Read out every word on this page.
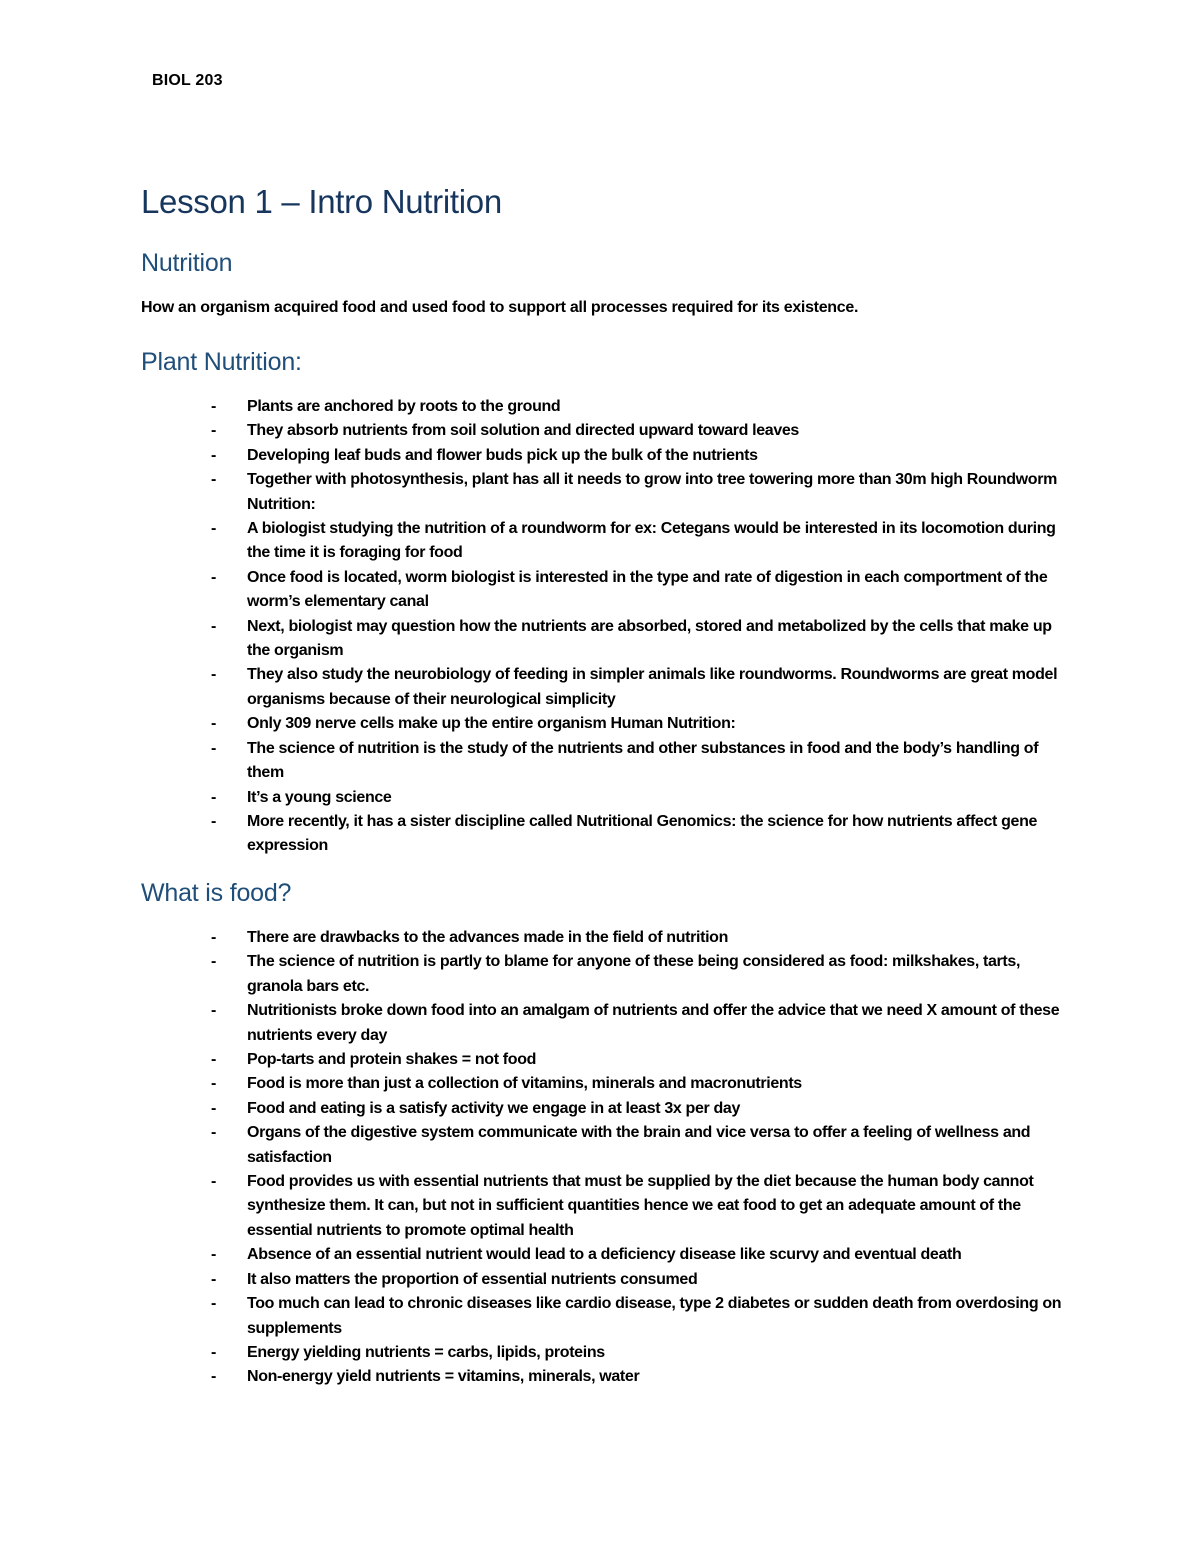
BIOL 203
Lesson 1 – Intro Nutrition
Nutrition
How an organism acquired food and used food to support all processes required for its existence.
Plant Nutrition:
- Plants are anchored by roots to the ground
- They absorb nutrients from soil solution and directed upward toward leaves
- Developing leaf buds and flower buds pick up the bulk of the nutrients
- Together with photosynthesis, plant has all it needs to grow into tree towering more than 30m high Roundworm Nutrition:
- A biologist studying the nutrition of a roundworm for ex: Cetegans would be interested in its locomotion during the time it is foraging for food
- Once food is located, worm biologist is interested in the type and rate of digestion in each comportment of the worm’s elementary canal
- Next, biologist may question how the nutrients are absorbed, stored and metabolized by the cells that make up the organism
- They also study the neurobiology of feeding in simpler animals like roundworms. Roundworms are great model organisms because of their neurological simplicity
- Only 309 nerve cells make up the entire organism Human Nutrition:
- The science of nutrition is the study of the nutrients and other substances in food and the body’s handling of them
- It’s a young science
- More recently, it has a sister discipline called Nutritional Genomics: the science for how nutrients affect gene expression
What is food?
- There are drawbacks to the advances made in the field of nutrition
- The science of nutrition is partly to blame for anyone of these being considered as food: milkshakes, tarts, granola bars etc.
- Nutritionists broke down food into an amalgam of nutrients and offer the advice that we need X amount of these nutrients every day
- Pop-tarts and protein shakes = not food
- Food is more than just a collection of vitamins, minerals and macronutrients
- Food and eating is a satisfy activity we engage in at least 3x per day
- Organs of the digestive system communicate with the brain and vice versa to offer a feeling of wellness and satisfaction
- Food provides us with essential nutrients that must be supplied by the diet because the human body cannot synthesize them. It can, but not in sufficient quantities hence we eat food to get an adequate amount of the essential nutrients to promote optimal health
- Absence of an essential nutrient would lead to a deficiency disease like scurvy and eventual death
- It also matters the proportion of essential nutrients consumed
- Too much can lead to chronic diseases like cardio disease, type 2 diabetes or sudden death from overdosing on supplements
- Energy yielding nutrients = carbs, lipids, proteins
- Non-energy yield nutrients = vitamins, minerals, water
